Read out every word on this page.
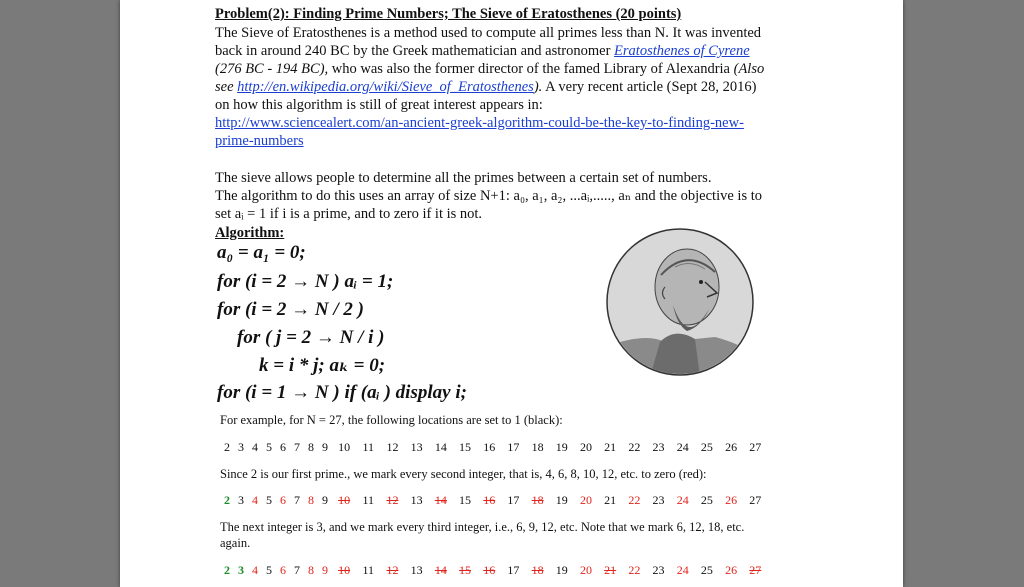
Problem(2): Finding Prime Numbers; The Sieve of Eratosthenes (20 points)
The Sieve of Eratosthenes is a method used to compute all primes less than N. It was invented
back in around 240 BC by the Greek mathematician and astronomer Eratosthenes of Cyrene
(276 BC - 194 BC), who was also the former director of the famed Library of Alexandria (Also
see http://en.wikipedia.org/wiki/Sieve_of_Eratosthenes). A very recent article (Sept 28, 2016)
on how this algorithm is still of great interest appears in:
http://www.sciencealert.com/an-ancient-greek-algorithm-could-be-the-key-to-finding-new-
prime-numbers
The sieve allows people to determine all the primes between a certain set of numbers.
The algorithm to do this uses an array of size N+1: a₀, a₁, a₂, ...aᵢ,....., aₙ and the objective is to
set aᵢ = 1 if i is a prime, and to zero if it is not.
Algorithm:
a₀ = a₁ = 0;
for (i = 2 → N ) aᵢ = 1;
for (i = 2 → N / 2 )
for ( j = 2 → N / i )
k = i * j; aₖ = 0;
for (i = 1 → N ) if (aᵢ ) display i;
For example, for N = 27, the following locations are set to 1 (black):
2 3 4 5 6 7 8 9 10	11	12	13	14	15	16	17	18	19	20	21	22	23	24	25	26	27
Since 2 is our first prime., we mark every second integer, that is, 4, 6, 8, 10, 12, etc. to zero (red):
2 3 4 5 6 7 8 9 10	11	12	13	14	15	16	17	18	19	20	21	22	23	24	25	26	27
The next integer is 3, and we mark every third integer, i.e., 6, 9, 12, etc. Note that we mark 6, 12, 18, etc.
again.
2 3 4 5 6 7 8 9 10	11	12	13	14	15	16	17	18	19	20	21	22	23	24	25	26	27
